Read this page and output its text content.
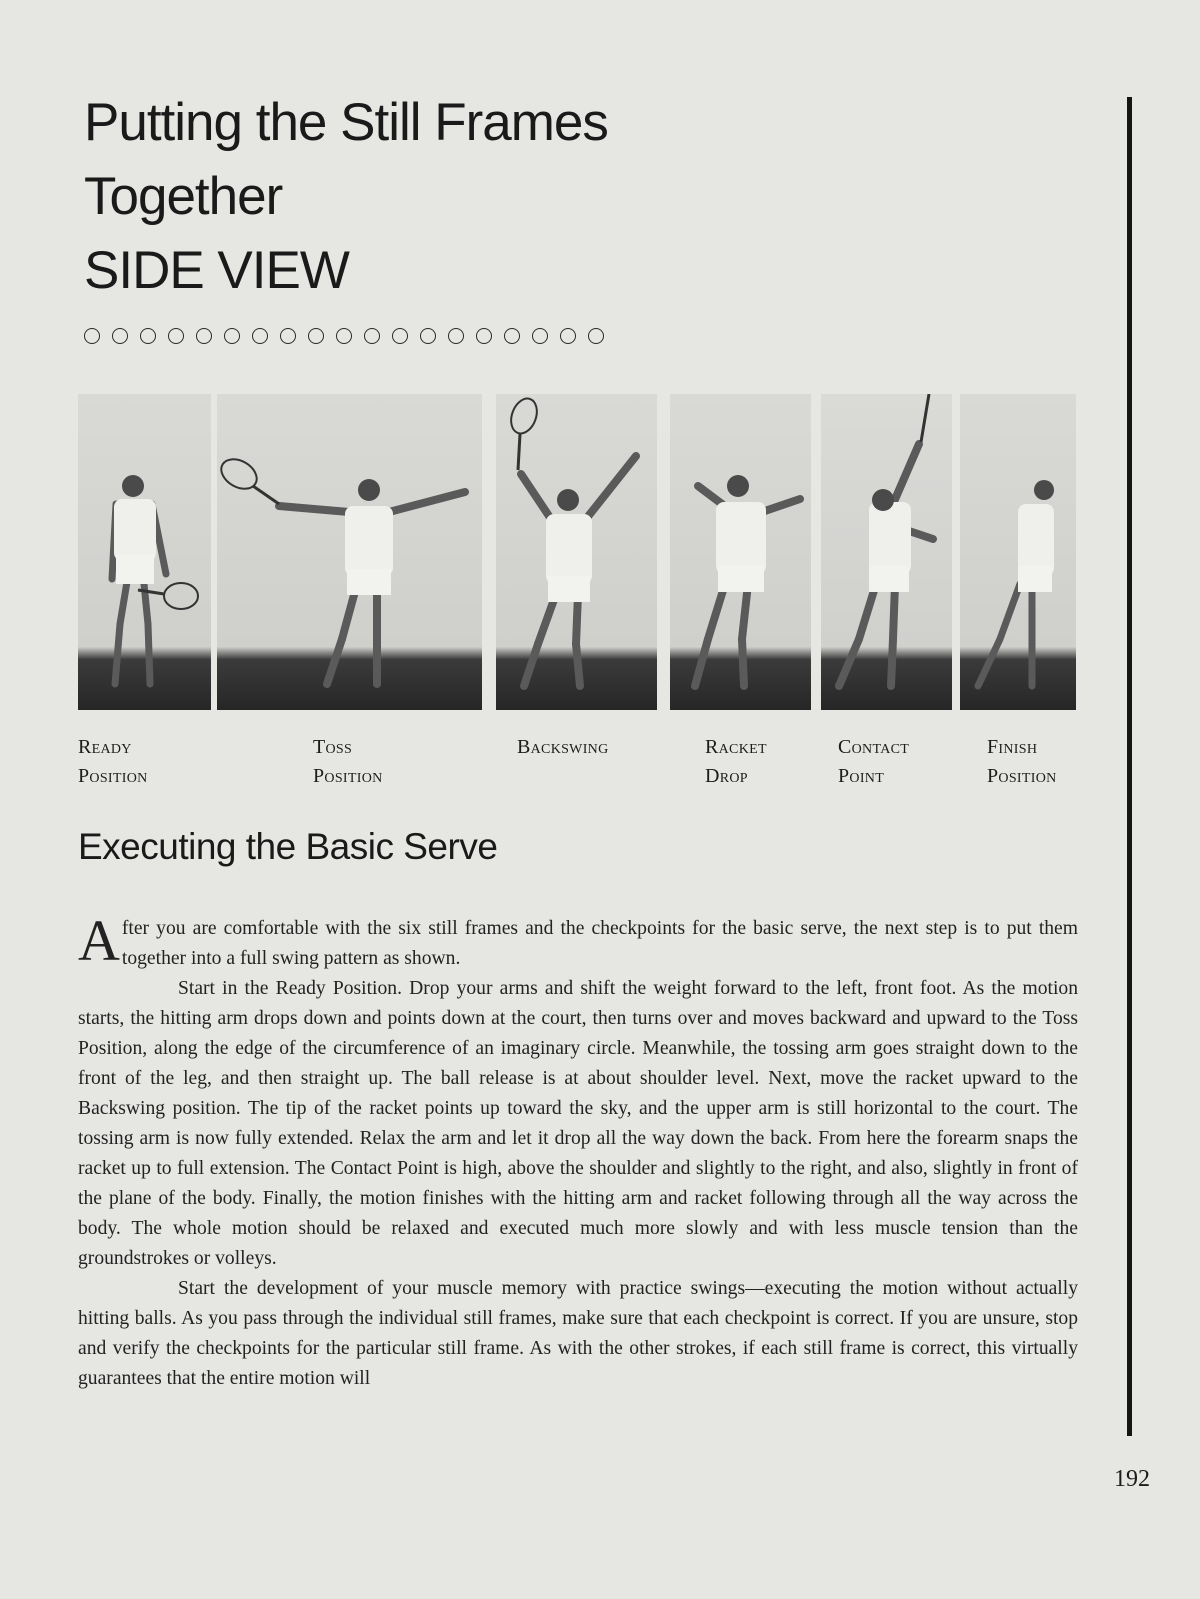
Putting the Still Frames
Together
SIDE VIEW
Ready
Position
Toss
Position
Backswing	Racket
Drop
Contact
Point
Finish
Position
Executing the Basic Serve

After you are comfortable with the six still frames and the checkpoints for the basic serve, the next step is to put them together into a full swing pattern as shown.

Start in the Ready Position. Drop your arms and shift the weight forward to the left, front foot. As the motion starts, the hitting arm drops down and points down at the court, then turns over and moves backward and upward to the Toss Position, along the edge of the circumference of an imaginary circle. Meanwhile, the tossing arm goes straight down to the front of the leg, and then straight up. The ball release is at about shoulder level. Next, move the racket upward to the Backswing position. The tip of the racket points up toward the sky, and the upper arm is still horizontal to the court. The tossing arm is now fully extended. Relax the arm and let it drop all the way down the back. From here the forearm snaps the racket up to full extension. The Contact Point is high, above the shoulder and slightly to the right, and also, slightly in front of the plane of the body. Finally, the motion finishes with the hitting arm and racket following through all the way across the body. The whole motion should be relaxed and executed much more slowly and with less muscle tension than the groundstrokes or volleys.

Start the development of your muscle memory with practice swings—executing the motion without actually hitting balls. As you pass through the individual still frames, make sure that each checkpoint is correct. If you are unsure, stop and verify the checkpoints for the particular still frame. As with the other strokes, if each still frame is correct, this virtually guarantees that the entire motion will

192
